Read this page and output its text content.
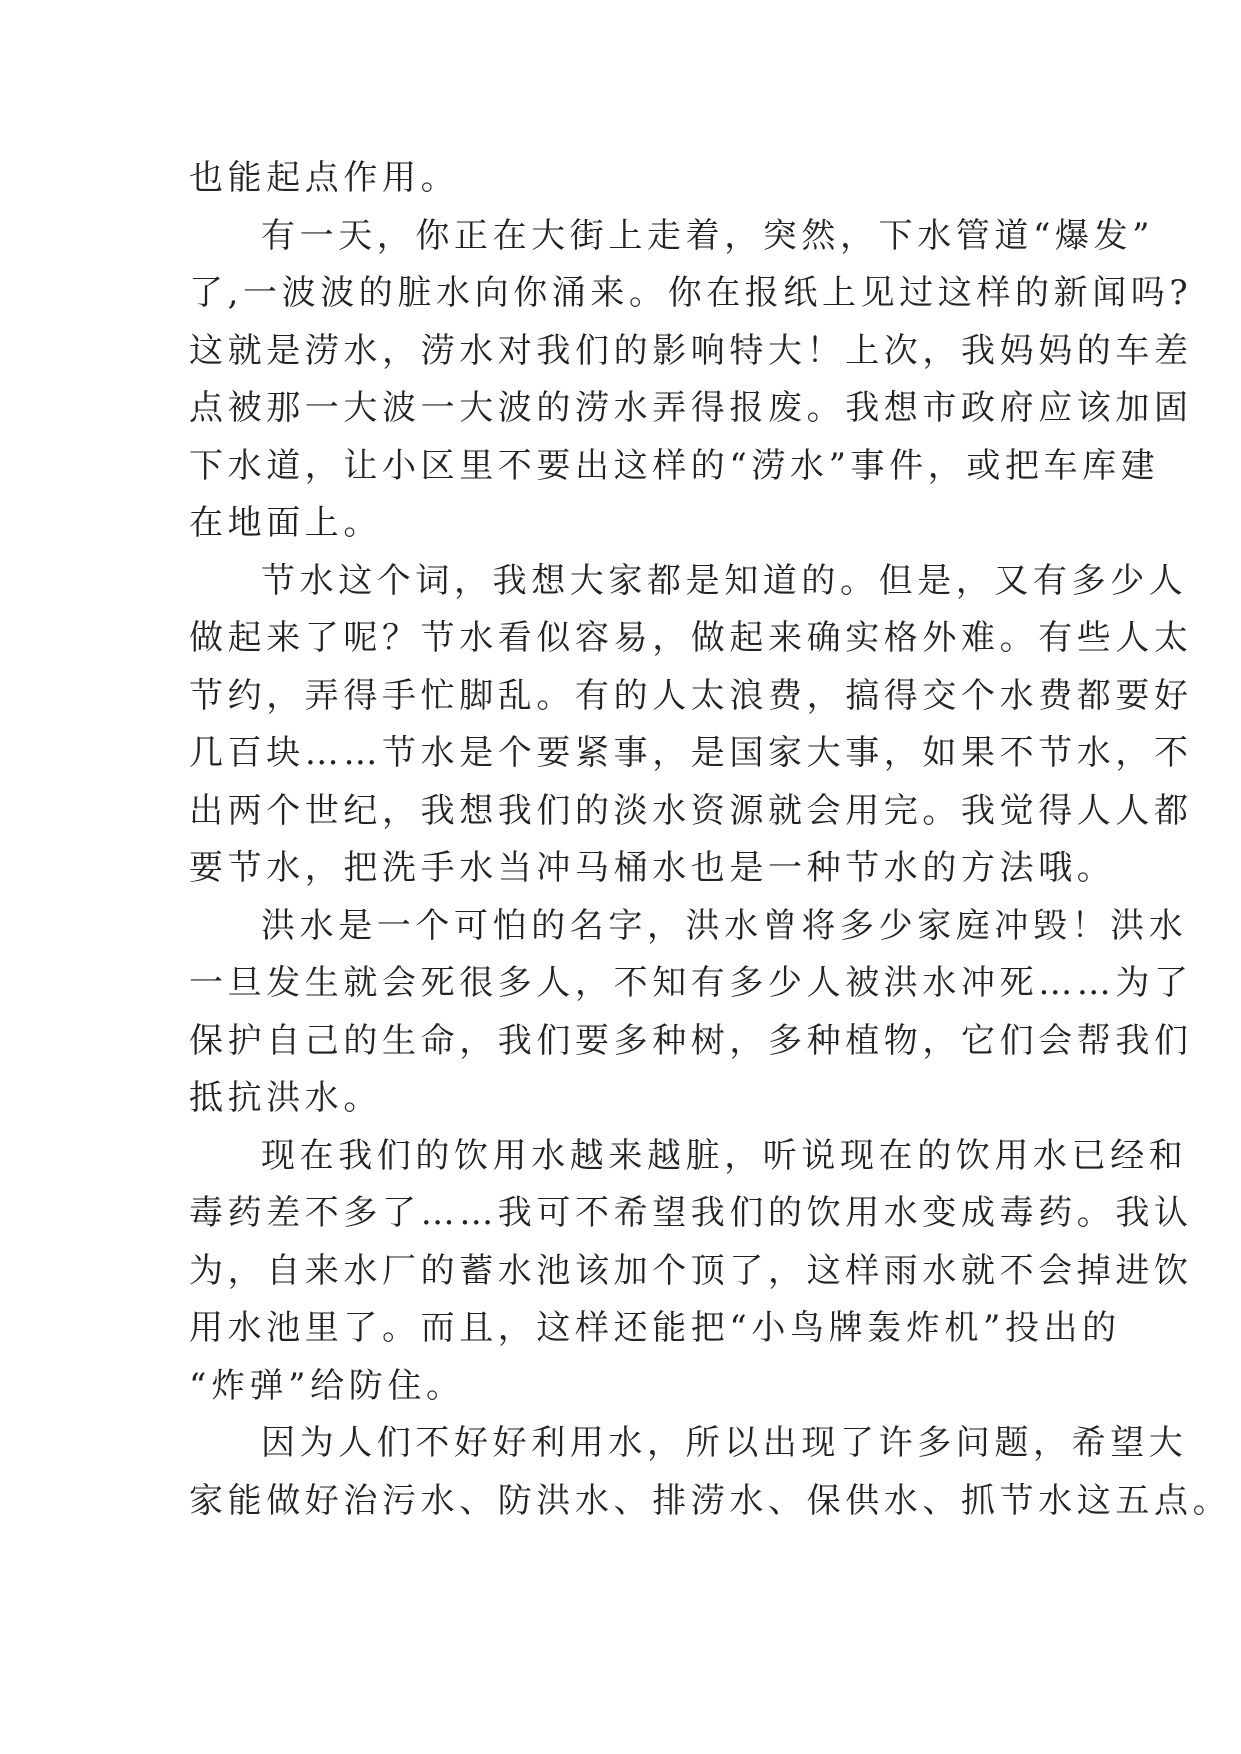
也能起点作用。
有一天，你正在大街上走着，突然，下水管道“爆发”
了,一波波的脏水向你涌来。你在报纸上见过这样的新闻吗?
这就是涝水，涝水对我们的影响特大！上次，我妈妈的车差
点被那一大波一大波的涝水弄得报废。我想市政府应该加固
下水道，让小区里不要出这样的“涝水”事件，或把车库建
在地面上。
节水这个词，我想大家都是知道的。但是，又有多少人
做起来了呢？节水看似容易，做起来确实格外难。有些人太
节约，弄得手忙脚乱。有的人太浪费，搞得交个水费都要好
几百块……节水是个要紧事，是国家大事，如果不节水，不
出两个世纪，我想我们的淡水资源就会用完。我觉得人人都
要节水，把洗手水当冲马桶水也是一种节水的方法哦。
洪水是一个可怕的名字，洪水曾将多少家庭冲毁！洪水
一旦发生就会死很多人，不知有多少人被洪水冲死……为了
保护自己的生命，我们要多种树，多种植物，它们会帮我们
抵抗洪水。
现在我们的饮用水越来越脏，听说现在的饮用水已经和
毒药差不多了……我可不希望我们的饮用水变成毒药。我认
为，自来水厂的蓄水池该加个顶了，这样雨水就不会掉进饮
用水池里了。而且，这样还能把“小鸟牌轰炸机”投出的
“炸弹”给防住。
因为人们不好好利用水，所以出现了许多问题，希望大
家能做好治污水、防洪水、排涝水、保供水、抓节水这五点。
